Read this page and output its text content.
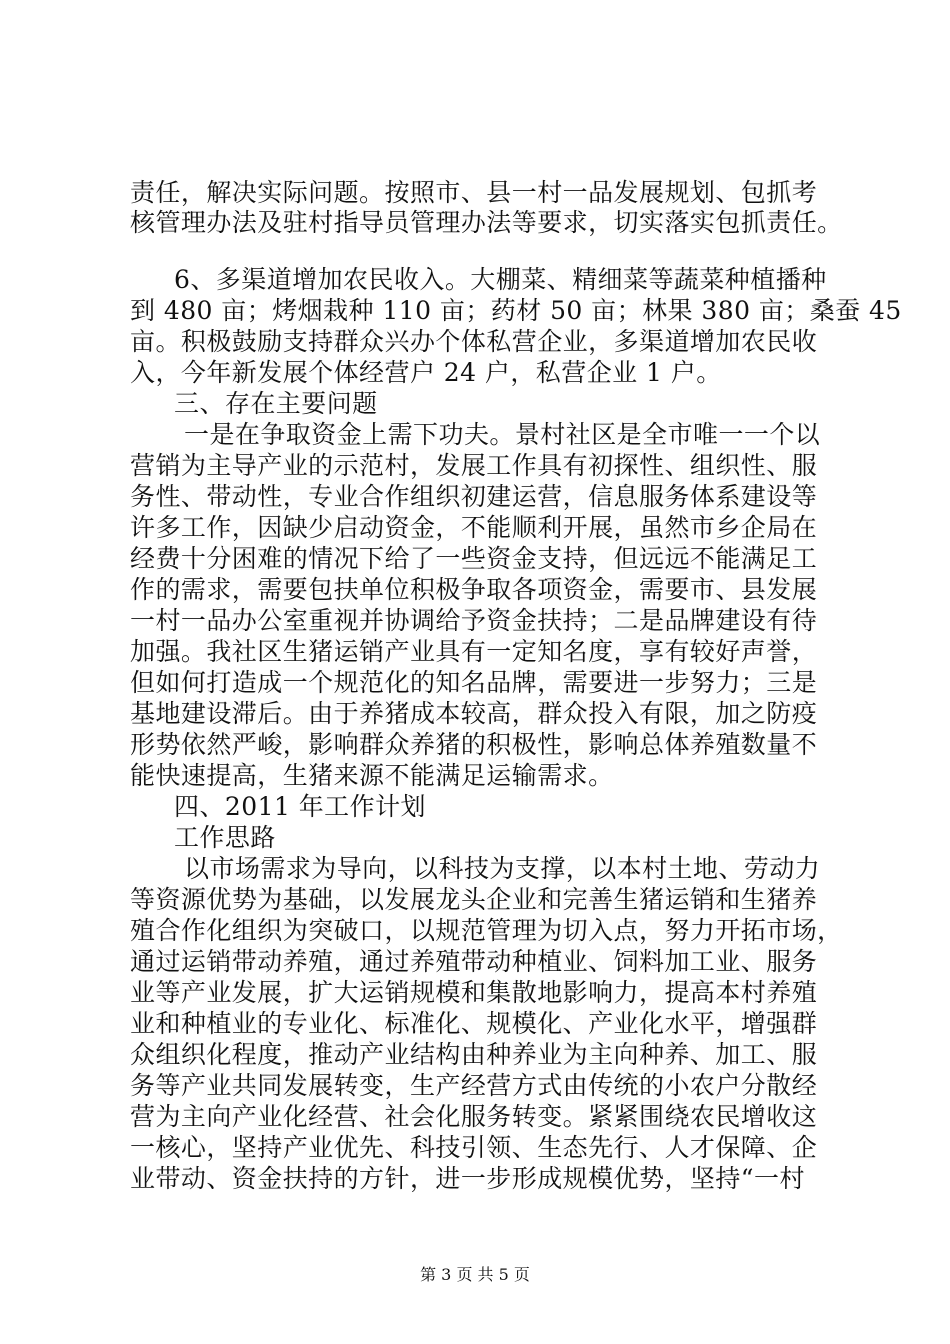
责任，解决实际问题。按照市、县一村一品发展规划、包抓考
核管理办法及驻村指导员管理办法等要求，切实落实包抓责任。
6、多渠道增加农民收入。大棚菜、精细菜等蔬菜种植播种
到 480 亩；烤烟栽种 110 亩；药材 50 亩；林果 380 亩；桑蚕 45
亩。积极鼓励支持群众兴办个体私营企业，多渠道增加农民收
入，今年新发展个体经营户 24 户，私营企业 1 户。
三、存在主要问题
一是在争取资金上需下功夫。景村社区是全市唯一一个以
营销为主导产业的示范村，发展工作具有初探性、组织性、服
务性、带动性，专业合作组织初建运营，信息服务体系建设等
许多工作，因缺少启动资金，不能顺利开展，虽然市乡企局在
经费十分困难的情况下给了一些资金支持，但远远不能满足工
作的需求，需要包扶单位积极争取各项资金，需要市、县发展
一村一品办公室重视并协调给予资金扶持；二是品牌建设有待
加强。我社区生猪运销产业具有一定知名度，享有较好声誉，
但如何打造成一个规范化的知名品牌，需要进一步努力；三是
基地建设滞后。由于养猪成本较高，群众投入有限，加之防疫
形势依然严峻，影响群众养猪的积极性，影响总体养殖数量不
能快速提高，生猪来源不能满足运输需求。
四、2011 年工作计划
工作思路
以市场需求为导向，以科技为支撑，以本村土地、劳动力
等资源优势为基础，以发展龙头企业和完善生猪运销和生猪养
殖合作化组织为突破口，以规范管理为切入点，努力开拓市场，
通过运销带动养殖，通过养殖带动种植业、饲料加工业、服务
业等产业发展，扩大运销规模和集散地影响力，提高本村养殖
业和种植业的专业化、标准化、规模化、产业化水平，增强群
众组织化程度，推动产业结构由种养业为主向种养、加工、服
务等产业共同发展转变，生产经营方式由传统的小农户分散经
营为主向产业化经营、社会化服务转变。紧紧围绕农民增收这
一核心，坚持产业优先、科技引领、生态先行、人才保障、企
业带动、资金扶持的方针，进一步形成规模优势，坚持“一村
第 3 页 共 5 页
